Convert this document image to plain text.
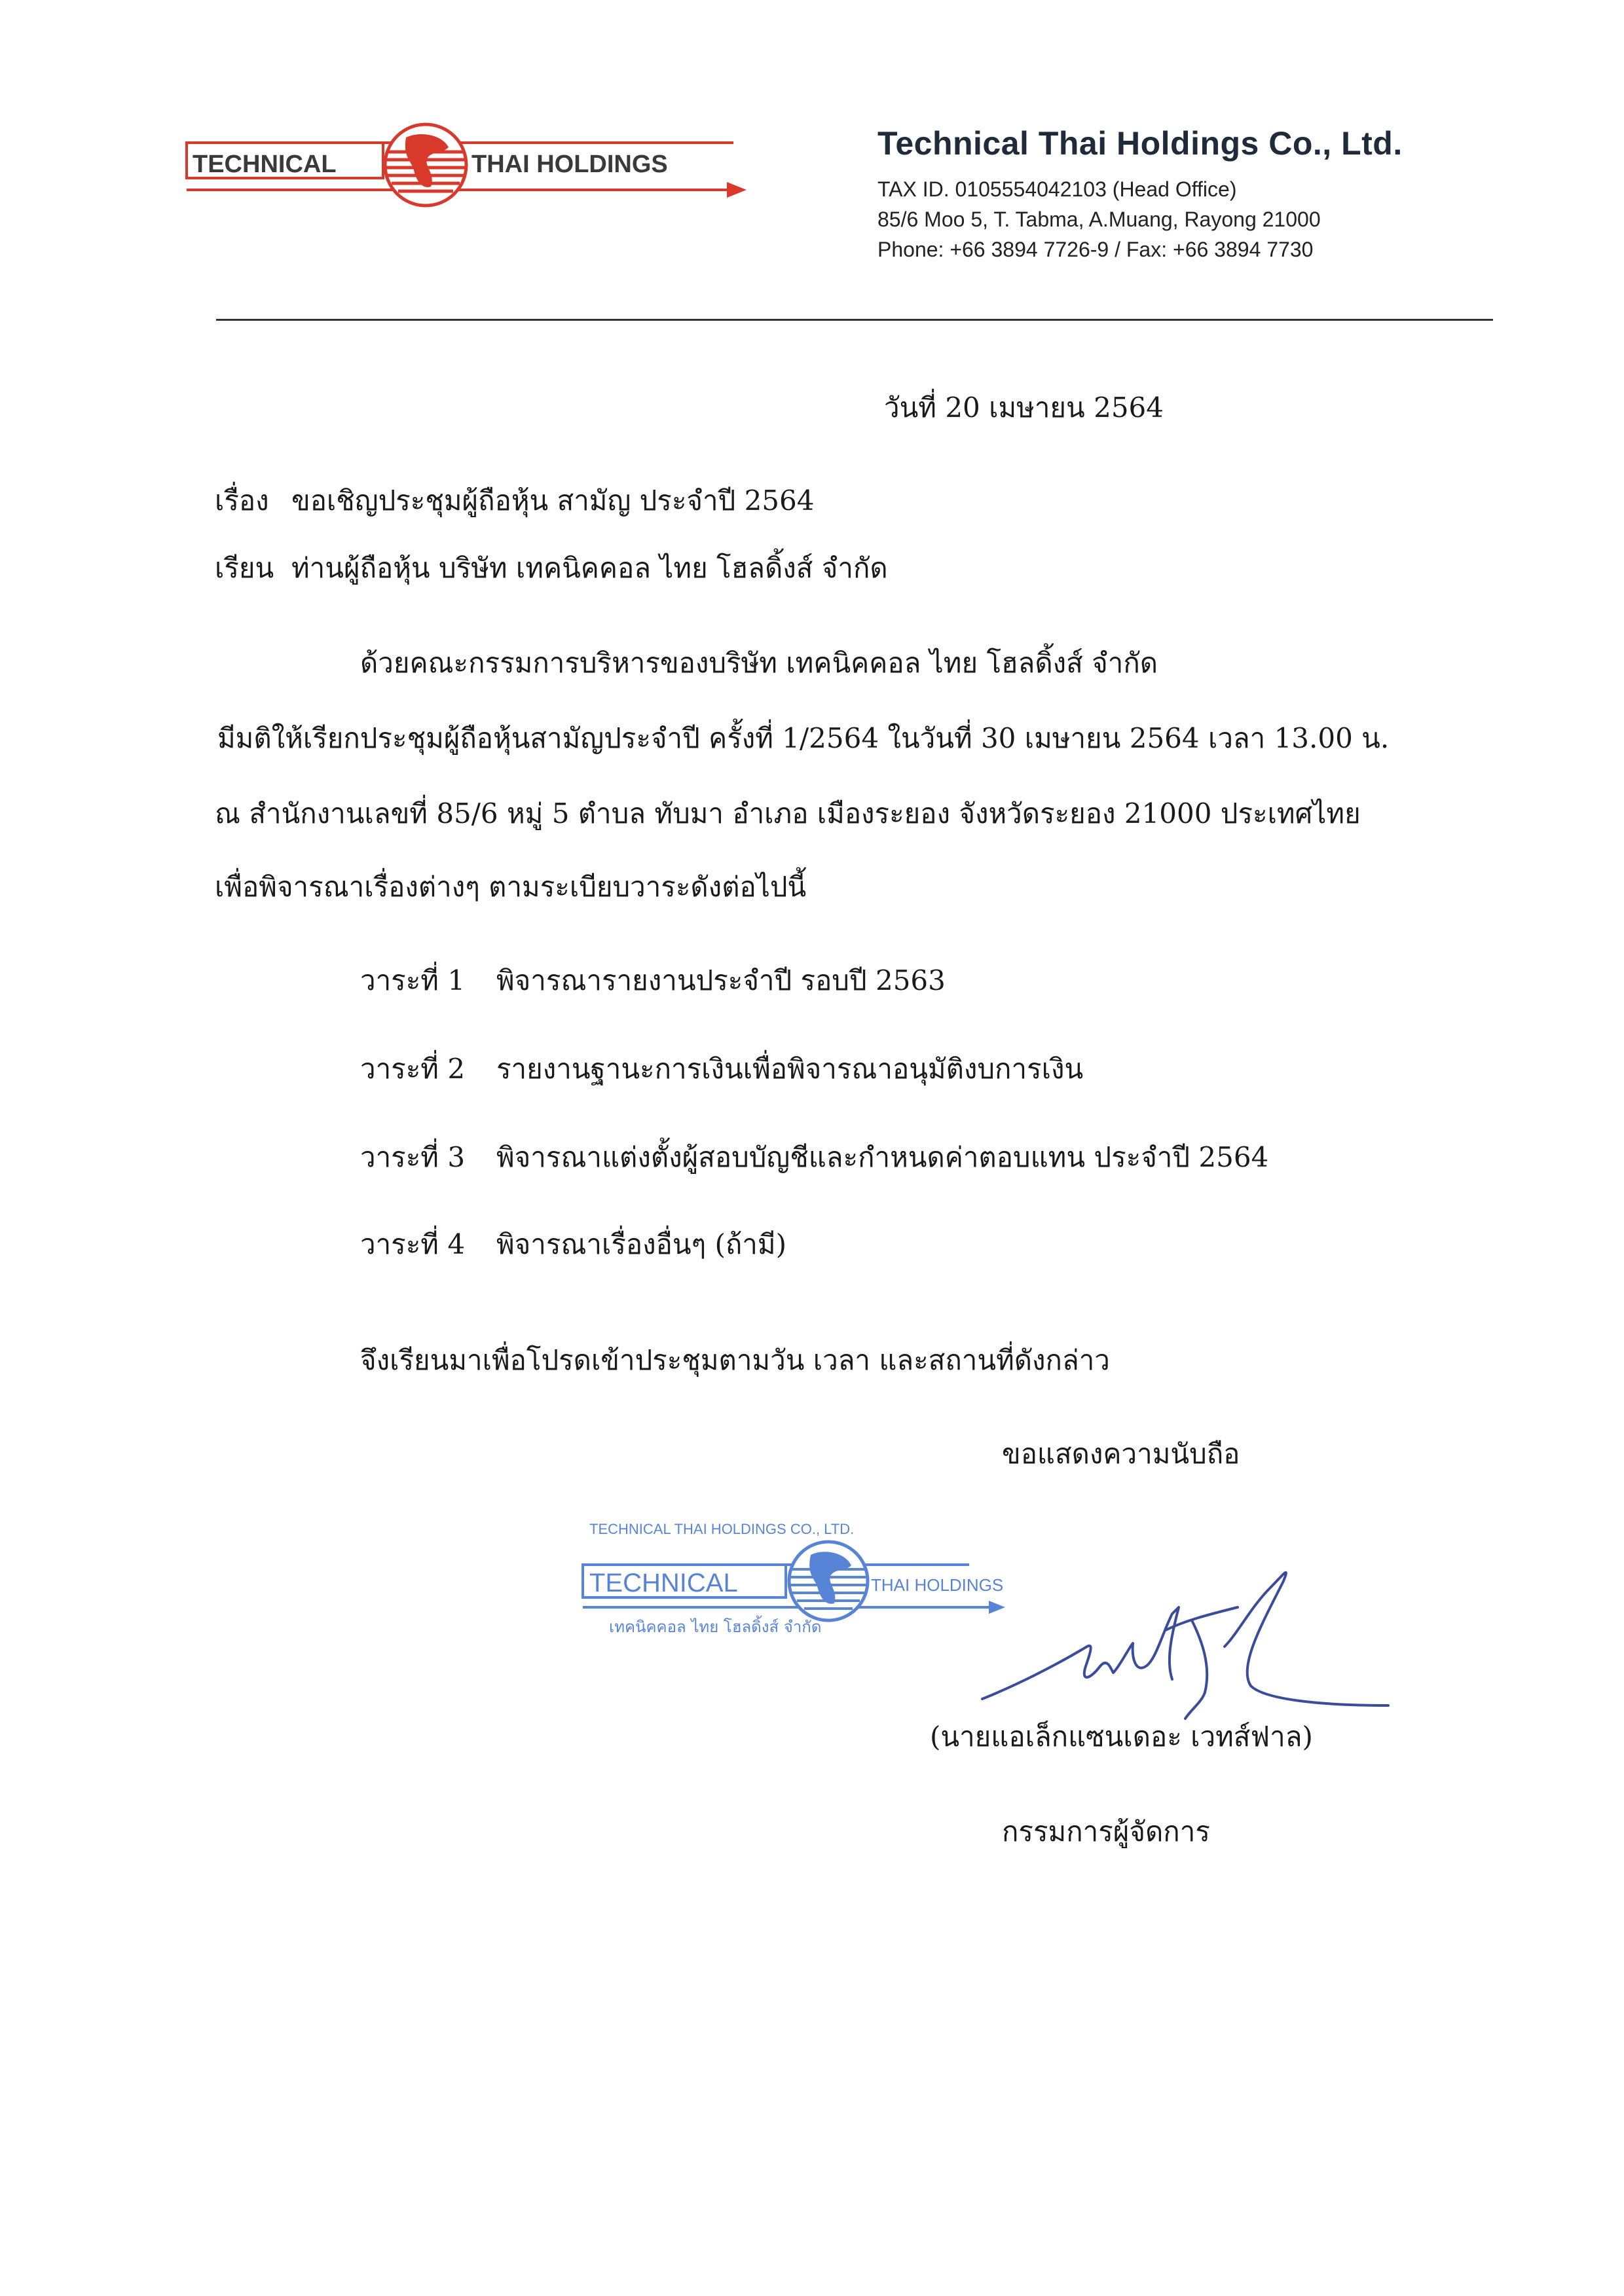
TECHNICAL	THAI HOLDINGS
Technical Thai Holdings Co., Ltd.
TAX ID. 0105554042103 (Head Office)
85/6 Moo 5, T. Tabma, A.Muang, Rayong 21000
Phone: +66 3894 7726-9 / Fax: +66 3894 7730
วันที่ 20 เมษายน 2564
เรื่อง ขอเชิญประชุมผู้ถือหุ้น สามัญ ประจำปี 2564
เรียน ท่านผู้ถือหุ้น บริษัท เทคนิคคอล ไทย โฮลดิ้งส์ จำกัด
ด้วยคณะกรรมการบริหารของบริษัท เทคนิคคอล ไทย โฮลดิ้งส์ จำกัด
มีมติให้เรียกประชุมผู้ถือหุ้นสามัญประจำปี ครั้งที่ 1/2564 ในวันที่ 30 เมษายน 2564 เวลา 13.00 น.
ณ สำนักงานเลขที่ 85/6 หมู่ 5 ตำบล ทับมา อำเภอ เมืองระยอง จังหวัดระยอง 21000 ประเทศไทย
เพื่อพิจารณาเรื่องต่างๆ ตามระเบียบวาระดังต่อไปนี้
วาระที่ 1 พิจารณารายงานประจำปี รอบปี 2563
วาระที่ 2 รายงานฐานะการเงินเพื่อพิจารณาอนุมัติงบการเงิน
วาระที่ 3 พิจารณาแต่งตั้งผู้สอบบัญชีและกำหนดค่าตอบแทน ประจำปี 2564
วาระที่ 4 พิจารณาเรื่องอื่นๆ (ถ้ามี)
จึงเรียนมาเพื่อโปรดเข้าประชุมตามวัน เวลา และสถานที่ดังกล่าว
ขอแสดงความนับถือ
TECHNICAL THAI HOLDINGS CO., LTD.
TECHNICAL	THAI HOLDINGS
เทคนิคคอล ไทย โฮลดิ้งส์ จำกัด
(นายแอเล็กแซนเดอะ เวทส์ฟาล)
กรรมการผู้จัดการ
